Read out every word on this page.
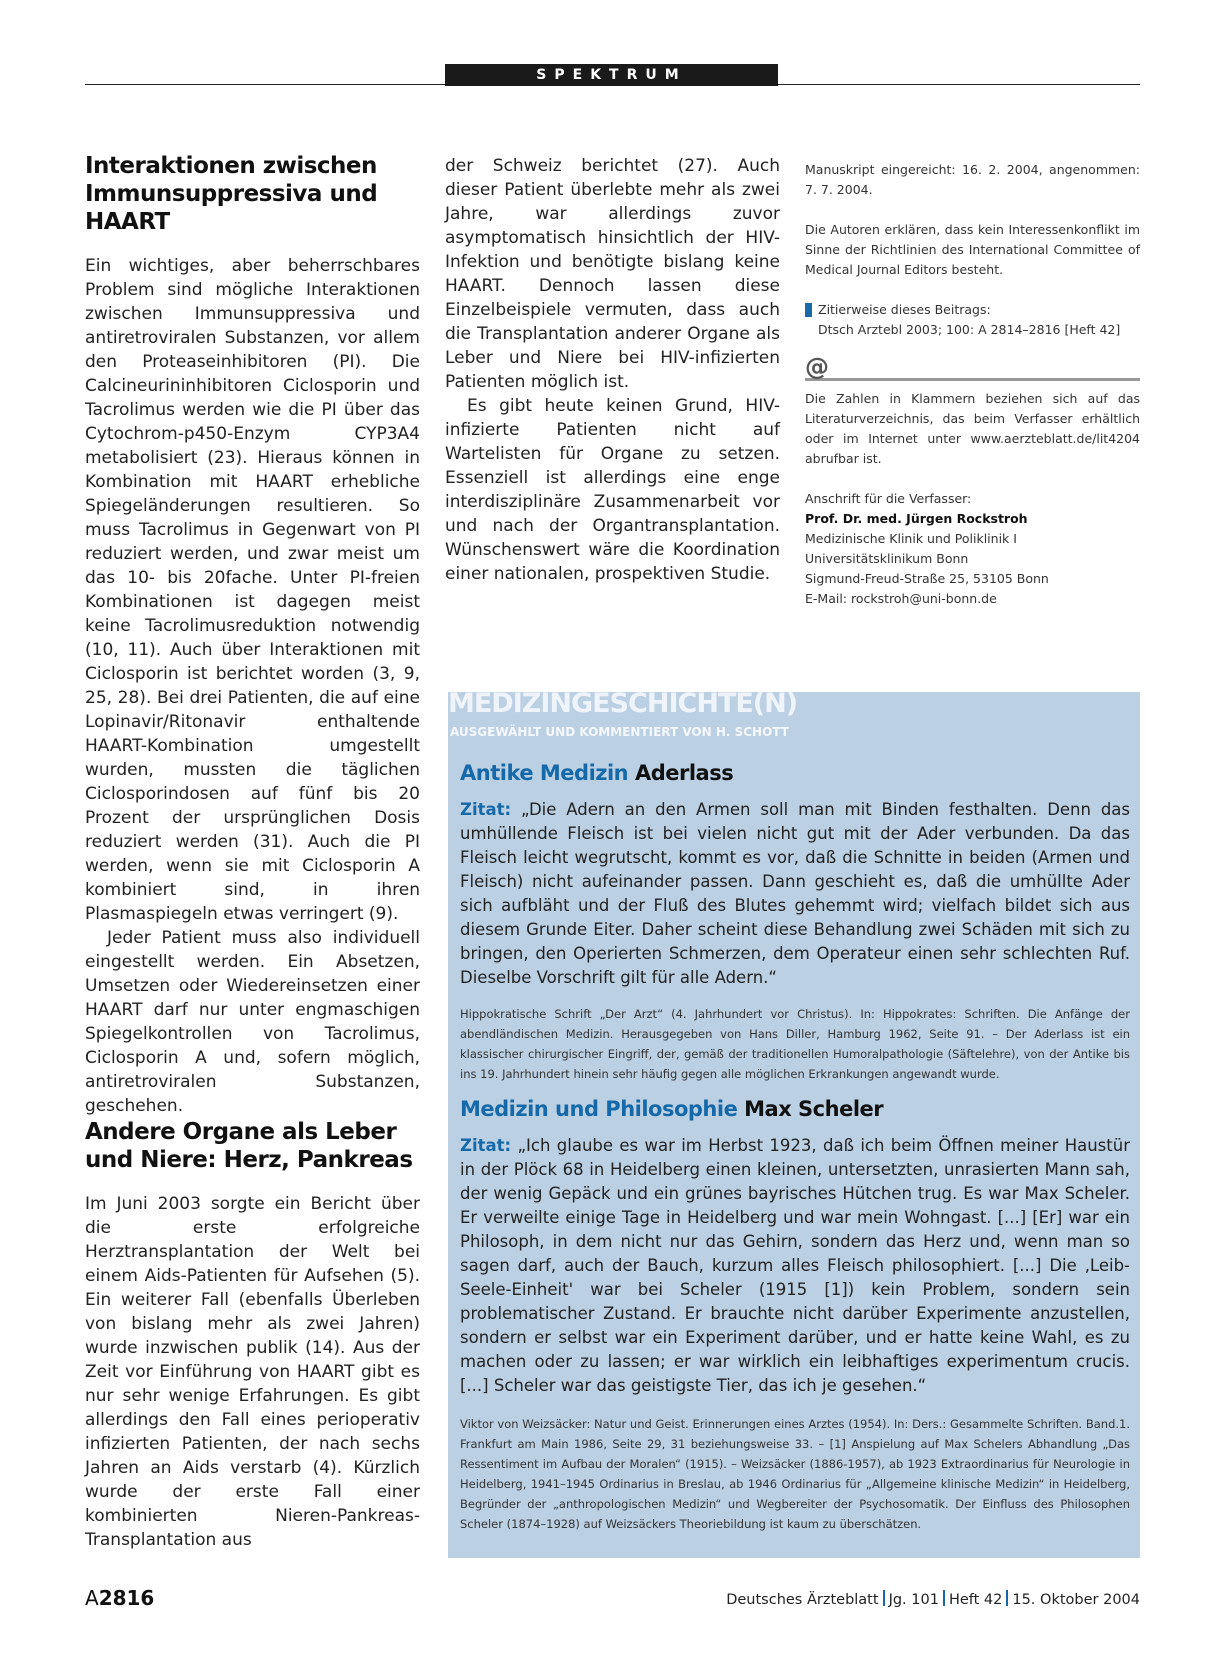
SPEKTRUM
Interaktionen zwischen Immunsuppressiva und HAART

Ein wichtiges, aber beherrschbares Problem sind mögliche Interaktionen zwischen Immunsuppressiva und antiretroviralen Substanzen, vor allem den Proteaseinhibitoren (PI). Die Calcineurininhibitoren Ciclosporin und Tacrolimus werden wie die PI über das Cytochrom-p450-Enzym CYP3A4 metabolisiert (23). Hieraus können in Kombination mit HAART erhebliche Spiegeländerungen resultieren. So muss Tacrolimus in Gegenwart von PI reduziert werden, und zwar meist um das 10- bis 20fache. Unter PI-freien Kombinationen ist dagegen meist keine Tacrolimusreduktion notwendig (10, 11). Auch über Interaktionen mit Ciclosporin ist berichtet worden (3, 9, 25, 28). Bei drei Patienten, die auf eine Lopinavir/Ritonavir enthaltende HAART-Kombination umgestellt wurden, mussten die täglichen Ciclosporindosen auf fünf bis 20 Prozent der ursprünglichen Dosis reduziert werden (31). Auch die PI werden, wenn sie mit Ciclosporin A kombiniert sind, in ihren Plasmaspiegeln etwas verringert (9).

Jeder Patient muss also individuell eingestellt werden. Ein Absetzen, Umsetzen oder Wiedereinsetzen einer HAART darf nur unter engmaschigen Spiegelkontrollen von Tacrolimus, Ciclosporin A und, sofern möglich, antiretroviralen Substanzen, geschehen.

Andere Organe als Leber und Niere: Herz, Pankreas

Im Juni 2003 sorgte ein Bericht über die erste erfolgreiche Herztransplantation der Welt bei einem Aids-Patienten für Aufsehen (5). Ein weiterer Fall (ebenfalls Überleben von bislang mehr als zwei Jahren) wurde inzwischen publik (14). Aus der Zeit vor Einführung von HAART gibt es nur sehr wenige Erfahrungen. Es gibt allerdings den Fall eines perioperativ infizierten Patienten, der nach sechs Jahren an Aids verstarb (4). Kürzlich wurde der erste Fall einer kombinierten Nieren-Pankreas-Transplantation aus

der Schweiz berichtet (27). Auch dieser Patient überlebte mehr als zwei Jahre, war allerdings zuvor asymptomatisch hinsichtlich der HIV-Infektion und benötigte bislang keine HAART. Dennoch lassen diese Einzelbeispiele vermuten, dass auch die Transplantation anderer Organe als Leber und Niere bei HIV-infizierten Patienten möglich ist.

Es gibt heute keinen Grund, HIV-infizierte Patienten nicht auf Wartelisten für Organe zu setzen. Essenziell ist allerdings eine enge interdisziplinäre Zusammenarbeit vor und nach der Organtransplantation. Wünschenswert wäre die Koordination einer nationalen, prospektiven Studie.

Manuskript eingereicht: 16. 2. 2004, angenommen: 7. 7. 2004.

Die Autoren erklären, dass kein Interessenkonflikt im Sinne der Richtlinien des International Committee of Medical Journal Editors besteht.

Zitierweise dieses Beitrags:

Dtsch Arztebl 2003; 100: A 2814–2816 [Heft 42]

@

Die Zahlen in Klammern beziehen sich auf das Literaturverzeichnis, das beim Verfasser erhältlich oder im Internet unter www.aerzteblatt.de/lit4204 abrufbar ist.

Anschrift für die Verfasser:

Prof. Dr. med. Jürgen Rockstroh

Medizinische Klinik und Poliklinik I

Universitätsklinikum Bonn

Sigmund-Freud-Straße 25, 53105 Bonn

E-Mail: rockstroh@uni-bonn.de

MEDIZINGESCHICHTE(N)
AUSGEWÄHLT UND KOMMENTIERT VON H. SCHOTT

Antike Medizin Aderlass

Zitat: „Die Adern an den Armen soll man mit Binden festhalten. Denn das umhüllende Fleisch ist bei vielen nicht gut mit der Ader verbunden. Da das Fleisch leicht wegrutscht, kommt es vor, daß die Schnitte in beiden (Armen und Fleisch) nicht aufeinander passen. Dann geschieht es, daß die umhüllte Ader sich aufbläht und der Fluß des Blutes gehemmt wird; vielfach bildet sich aus diesem Grunde Eiter. Daher scheint diese Behandlung zwei Schäden mit sich zu bringen, den Operierten Schmerzen, dem Operateur einen sehr schlechten Ruf. Dieselbe Vorschrift gilt für alle Adern.“

Hippokratische Schrift „Der Arzt“ (4. Jahrhundert vor Christus). In: Hippokrates: Schriften. Die Anfänge der abendländischen Medizin. Herausgegeben von Hans Diller, Hamburg 1962, Seite 91. – Der Aderlass ist ein klassischer chirurgischer Eingriff, der, gemäß der traditionellen Humoralpathologie (Säftelehre), von der Antike bis ins 19. Jahrhundert hinein sehr häufig gegen alle möglichen Erkrankungen angewandt wurde.

Medizin und Philosophie Max Scheler

Zitat: „Ich glaube es war im Herbst 1923, daß ich beim Öffnen meiner Haustür in der Plöck 68 in Heidelberg einen kleinen, untersetzten, unrasierten Mann sah, der wenig Gepäck und ein grünes bayrisches Hütchen trug. Es war Max Scheler. Er verweilte einige Tage in Heidelberg und war mein Wohngast. [...] [Er] war ein Philosoph, in dem nicht nur das Gehirn, sondern das Herz und, wenn man so sagen darf, auch der Bauch, kurzum alles Fleisch philosophiert. [...] Die ‚Leib-Seele-Einheit' war bei Scheler (1915 [1]) kein Problem, sondern sein problematischer Zustand. Er brauchte nicht darüber Experimente anzustellen, sondern er selbst war ein Experiment darüber, und er hatte keine Wahl, es zu machen oder zu lassen; er war wirklich ein leibhaftiges experimentum crucis. [...] Scheler war das geistigste Tier, das ich je gesehen.“

Viktor von Weizsäcker: Natur und Geist. Erinnerungen eines Arztes (1954). In: Ders.: Gesammelte Schriften. Band.1. Frankfurt am Main 1986, Seite 29, 31 beziehungsweise 33. – [1] Anspielung auf Max Schelers Abhandlung „Das Ressentiment im Aufbau der Moralen“ (1915). – Weizsäcker (1886-1957), ab 1923 Extraordinarius für Neurologie in Heidelberg, 1941–1945 Ordinarius in Breslau, ab 1946 Ordinarius für „Allgemeine klinische Medizin“ in Heidelberg, Begründer der „anthropologischen Medizin“ und Wegbereiter der Psychosomatik. Der Einfluss des Philosophen Scheler (1874–1928) auf Weizsäckers Theoriebildung ist kaum zu überschätzen.

A2816	Deutsches Ärzteblatt Jg. 101 Heft 42 15. Oktober 2004
